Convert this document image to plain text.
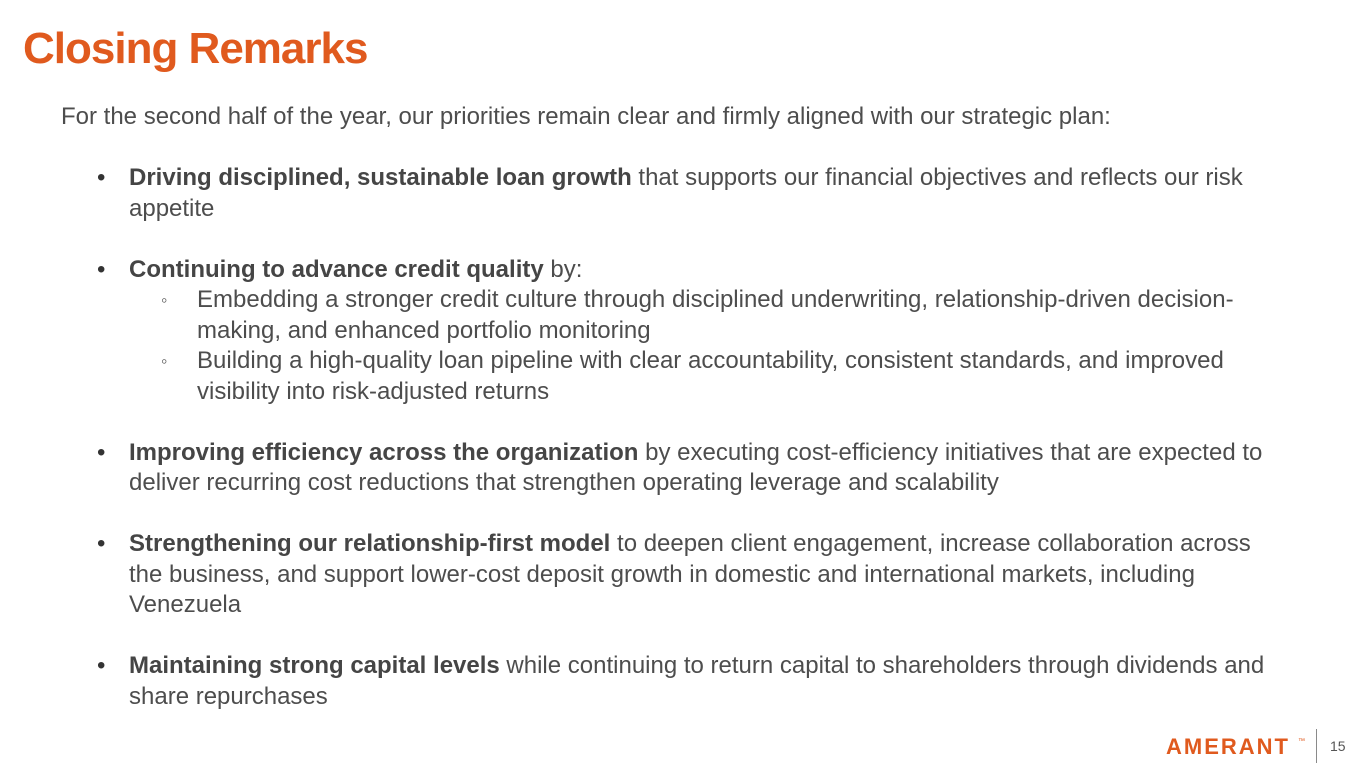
Closing Remarks

For the second half of the year, our priorities remain clear and firmly aligned with our strategic plan:

• Driving disciplined, sustainable loan growth that supports our financial objectives and reflects our risk appetite
• Continuing to advance credit quality by:
◦ Embedding a stronger credit culture through disciplined underwriting, relationship-driven decision-making, and enhanced portfolio monitoring
◦ Building a high-quality loan pipeline with clear accountability, consistent standards, and improved visibility into risk-adjusted returns
• Improving efficiency across the organization by executing cost-efficiency initiatives that are expected to deliver recurring cost reductions that strengthen operating leverage and scalability
• Strengthening our relationship-first model to deepen client engagement, increase collaboration across the business, and support lower-cost deposit growth in domestic and international markets, including Venezuela
• Maintaining strong capital levels while continuing to return capital to shareholders through dividends and share repurchases
AMERANT ™ 15
